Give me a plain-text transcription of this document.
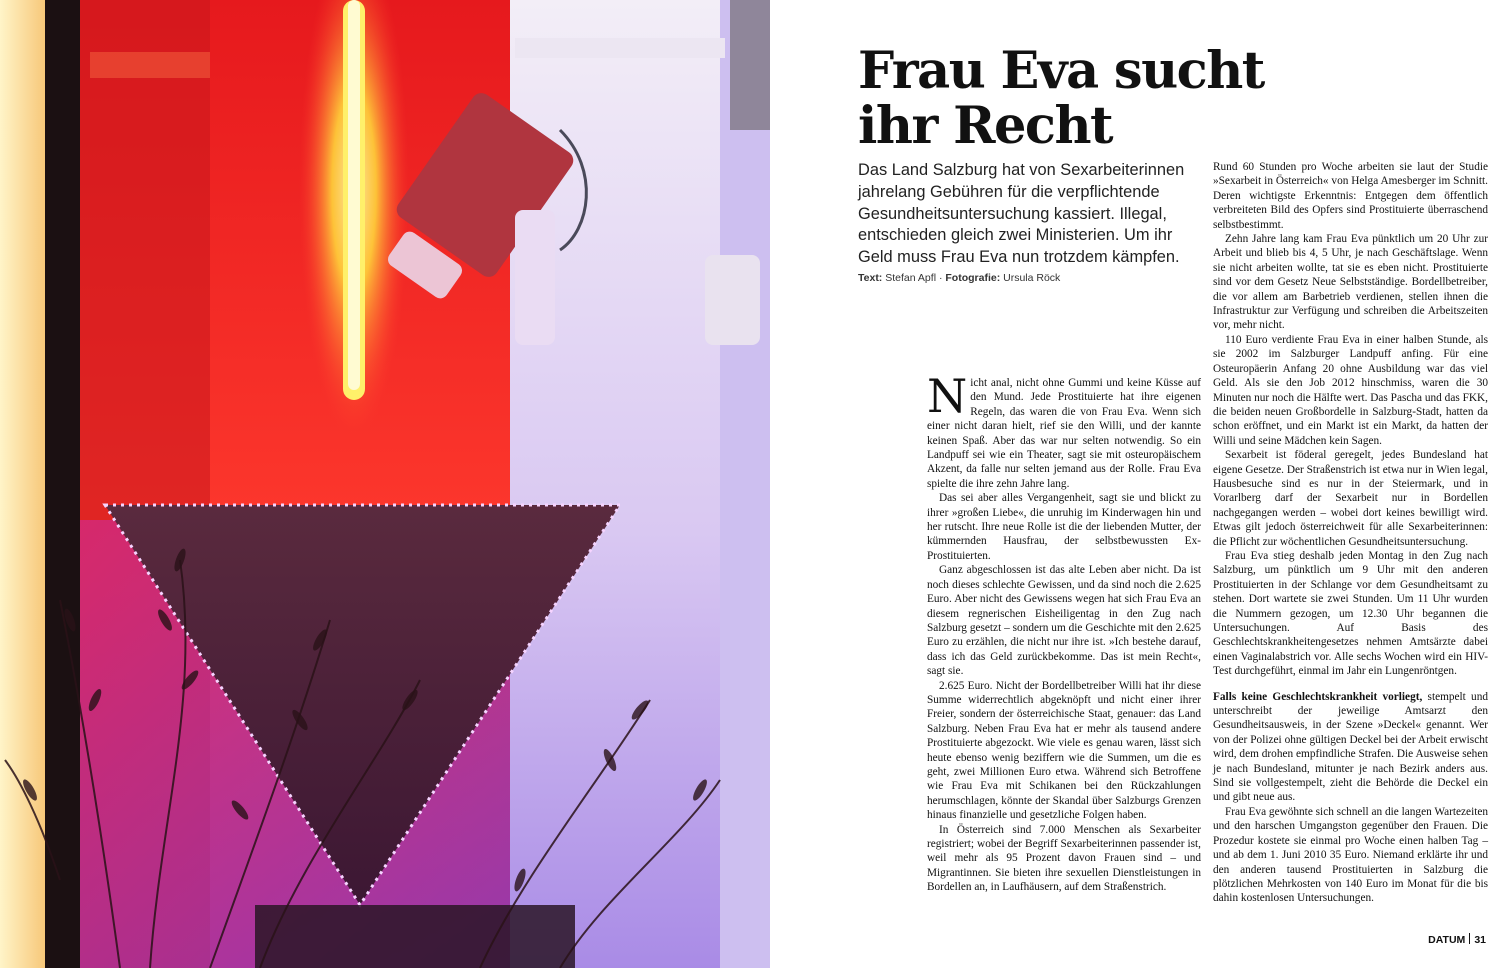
Frau Eva sucht
ihr Recht
Das Land Salzburg hat von Sexarbeiterinnen jahrelang Gebühren für die verpflichtende Gesundheitsuntersuchung kassiert. Illegal, entschieden gleich zwei Ministerien. Um ihr Geld muss Frau Eva nun trotzdem kämpfen.
Text: Stefan Apfl · Fotografie: Ursula Röck

Nicht anal, nicht ohne Gummi und keine Küsse auf den Mund. Jede Prostituierte hat ihre eigenen Regeln, das waren die von Frau Eva. Wenn sich einer nicht daran hielt, rief sie den Willi, und der kannte keinen Spaß. Aber das war nur selten notwendig. So ein Landpuff sei wie ein Theater, sagt sie mit osteuropäischem Akzent, da falle nur selten jemand aus der Rolle. Frau Eva spielte die ihre zehn Jahre lang.

Das sei aber alles Vergangenheit, sagt sie und blickt zu ihrer »großen Liebe«, die unruhig im Kinderwagen hin und her rutscht. Ihre neue Rolle ist die der liebenden Mutter, der kümmernden Hausfrau, der selbstbewussten Ex-Prostituierten.

Ganz abgeschlossen ist das alte Leben aber nicht. Da ist noch dieses schlechte Gewissen, und da sind noch die 2.625 Euro. Aber nicht des Gewissens wegen hat sich Frau Eva an diesem regnerischen Eisheiligentag in den Zug nach Salzburg gesetzt – sondern um die Geschichte mit den 2.625 Euro zu erzählen, die nicht nur ihre ist. »Ich bestehe darauf, dass ich das Geld zurückbekomme. Das ist mein Recht«, sagt sie.

2.625 Euro. Nicht der Bordellbetreiber Willi hat ihr diese Summe widerrechtlich abgeknöpft und nicht einer ihrer Freier, sondern der österreichische Staat, genauer: das Land Salzburg. Neben Frau Eva hat er mehr als tausend andere Prostituierte abgezockt. Wie viele es genau waren, lässt sich heute ebenso wenig beziffern wie die Summen, um die es geht, zwei Millionen Euro etwa. Während sich Betroffene wie Frau Eva mit Schikanen bei den Rückzahlungen herumschlagen, könnte der Skandal über Salzburgs Grenzen hinaus finanzielle und gesetzliche Folgen haben.

In Österreich sind 7.000 Menschen als Sexarbeiter registriert; wobei der Begriff Sexarbeiterinnen passender ist, weil mehr als 95 Prozent davon Frauen sind – und Migrantinnen. Sie bieten ihre sexuellen Dienstleistungen in Bordellen an, in Laufhäusern, auf dem Straßenstrich.

Rund 60 Stunden pro Woche arbeiten sie laut der Studie »Sexarbeit in Österreich« von Helga Amesberger im Schnitt. Deren wichtigste Erkenntnis: Entgegen dem öffentlich verbreiteten Bild des Opfers sind Prostituierte überraschend selbstbestimmt.

Zehn Jahre lang kam Frau Eva pünktlich um 20 Uhr zur Arbeit und blieb bis 4, 5 Uhr, je nach Geschäftslage. Wenn sie nicht arbeiten wollte, tat sie es eben nicht. Prostituierte sind vor dem Gesetz Neue Selbstständige. Bordellbetreiber, die vor allem am Barbetrieb verdienen, stellen ihnen die Infrastruktur zur Verfügung und schreiben die Arbeitszeiten vor, mehr nicht.

110 Euro verdiente Frau Eva in einer halben Stunde, als sie 2002 im Salzburger Landpuff anfing. Für eine Osteuropäerin Anfang 20 ohne Ausbildung war das viel Geld. Als sie den Job 2012 hinschmiss, waren die 30 Minuten nur noch die Hälfte wert. Das Pascha und das FKK, die beiden neuen Großbordelle in Salzburg-Stadt, hatten da schon eröffnet, und ein Markt ist ein Markt, da hatten der Willi und seine Mädchen kein Sagen.

Sexarbeit ist föderal geregelt, jedes Bundesland hat eigene Gesetze. Der Straßenstrich ist etwa nur in Wien legal, Hausbesuche sind es nur in der Steiermark, und in Vorarlberg darf der Sexarbeit nur in Bordellen nachgegangen werden – wobei dort keines bewilligt wird. Etwas gilt jedoch österreichweit für alle Sexarbeiterinnen: die Pflicht zur wöchentlichen Gesundheitsuntersuchung.

Frau Eva stieg deshalb jeden Montag in den Zug nach Salzburg, um pünktlich um 9 Uhr mit den anderen Prostituierten in der Schlange vor dem Gesundheitsamt zu stehen. Dort wartete sie zwei Stunden. Um 11 Uhr wurden die Nummern gezogen, um 12.30 Uhr begannen die Untersuchungen. Auf Basis des Geschlechtskrankheitengesetzes nehmen Amtsärzte dabei einen Vaginalabstrich vor. Alle sechs Wochen wird ein HIV-Test durchgeführt, einmal im Jahr ein Lungenröntgen.

Falls keine Geschlechtskrankheit vorliegt, stempelt und unterschreibt der jeweilige Amtsarzt den Gesundheitsausweis, in der Szene »Deckel« genannt. Wer von der Polizei ohne gültigen Deckel bei der Arbeit erwischt wird, dem drohen empfindliche Strafen. Die Ausweise sehen je nach Bundesland, mitunter je nach Bezirk anders aus. Sind sie vollgestempelt, zieht die Behörde die Deckel ein und gibt neue aus.

Frau Eva gewöhnte sich schnell an die langen Wartezeiten und den harschen Umgangston gegenüber den Frauen. Die Prozedur kostete sie einmal pro Woche einen halben Tag – und ab dem 1. Juni 2010 35 Euro. Niemand erklärte ihr und den anderen tausend Prostituierten in Salzburg die plötzlichen Mehrkosten von 140 Euro im Monat für die bis dahin kostenlosen Untersuchungen.

DATUM 31
